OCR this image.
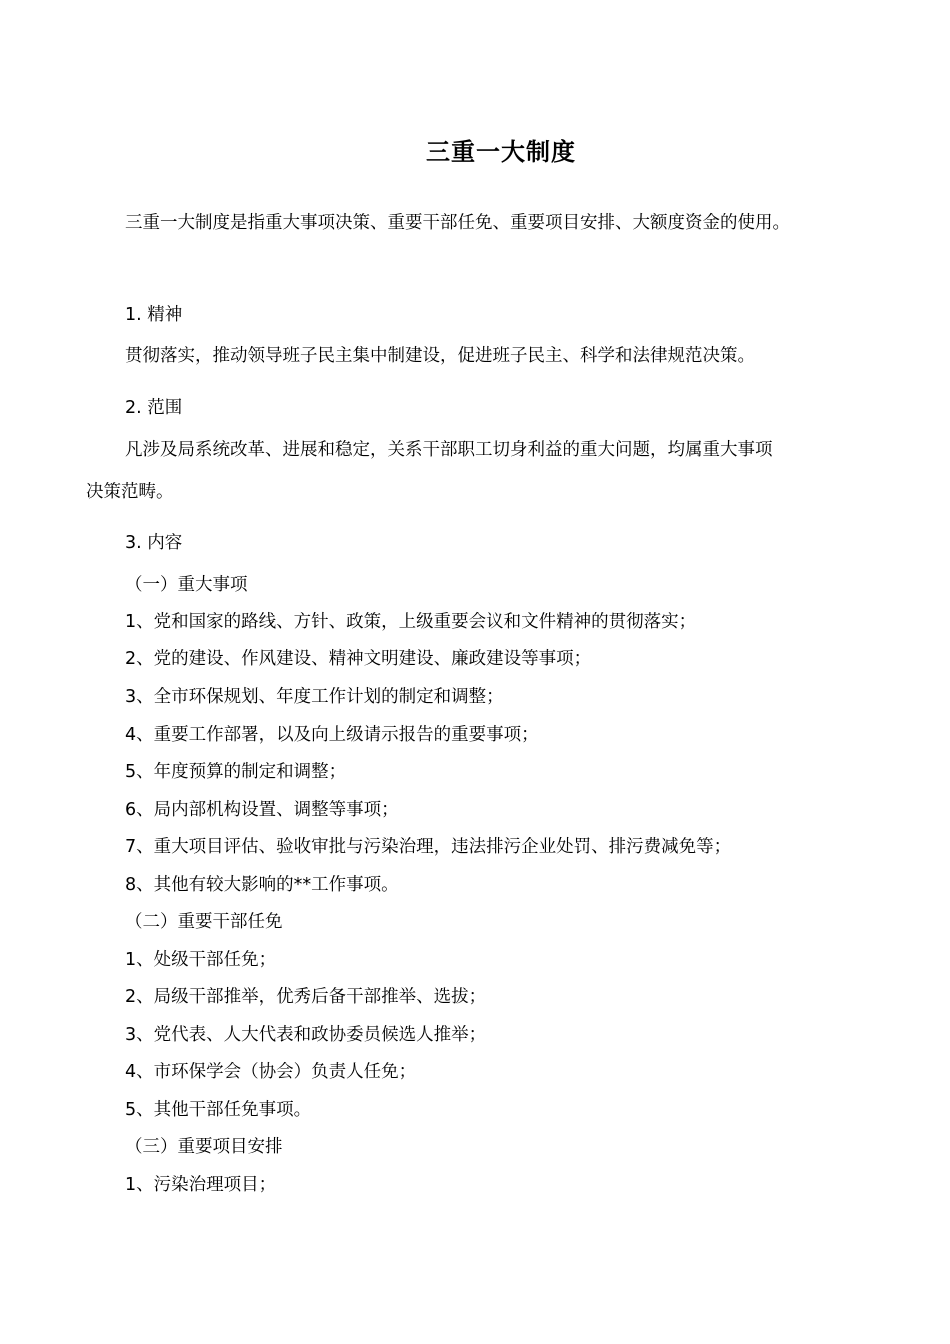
三重一大制度
三重一大制度是指重大事项决策、重要干部任免、重要项目安排、大额度资金的使用。
1. 精神
贯彻落实，推动领导班子民主集中制建设，促进班子民主、科学和法律规范决策。
2. 范围
凡涉及局系统改革、进展和稳定，关系干部职工切身利益的重大问题，均属重大事项
决策范畴。
3. 内容
（一）重大事项
1、党和国家的路线、方针、政策，上级重要会议和文件精神的贯彻落实；
2、党的建设、作风建设、精神文明建设、廉政建设等事项；
3、全市环保规划、年度工作计划的制定和调整；
4、重要工作部署，以及向上级请示报告的重要事项；
5、年度预算的制定和调整；
6、局内部机构设置、调整等事项；
7、重大项目评估、验收审批与污染治理，违法排污企业处罚、排污费减免等；
8、其他有较大影响的**工作事项。
（二）重要干部任免
1、处级干部任免；
2、局级干部推举，优秀后备干部推举、选拔；
3、党代表、人大代表和政协委员候选人推举；
4、市环保学会（协会）负责人任免；
5、其他干部任免事项。
（三）重要项目安排
1、污染治理项目；
